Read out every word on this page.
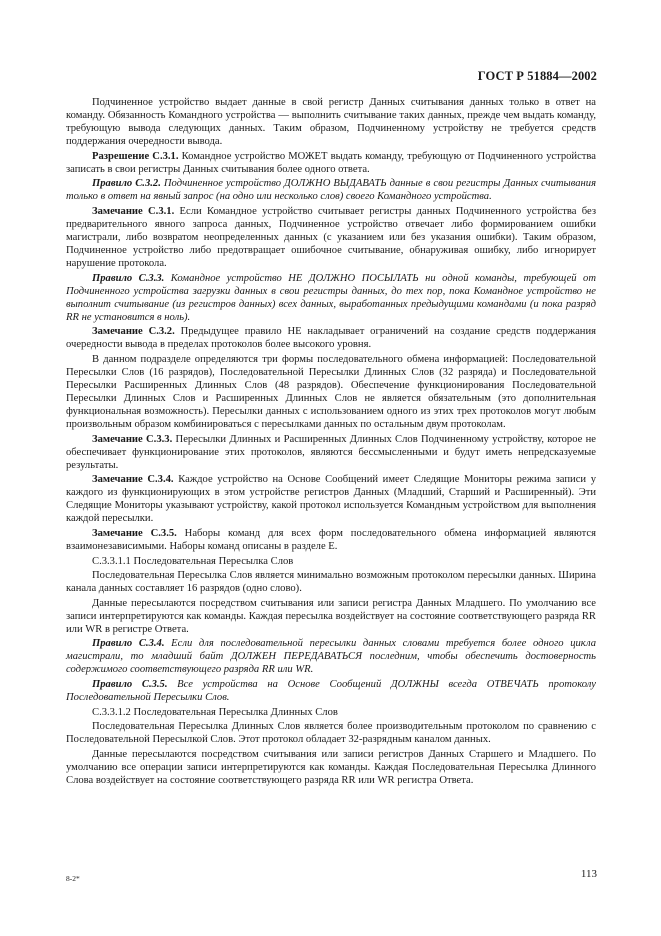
ГОСТ Р 51884—2002

Подчиненное устройство выдает данные в свой регистр Данных считывания данных только в ответ на команду. Обязанность Командного устройства — выполнить считывание таких данных, прежде чем выдать команду, требующую вывода следующих данных. Таким образом, Подчиненному устройству не требуется средств поддержания очередности вывода.

Разрешение С.3.1. Командное устройство МОЖЕТ выдать команду, требующую от Подчиненного устройства записать в свои регистры Данных считывания более одного ответа.

Правило С.3.2. Подчиненное устройство ДОЛЖНО ВЫДАВАТЬ данные в свои регистры Данных считывания только в ответ на явный запрос (на одно или несколько слов) своего Командного устройства.

Замечание С.3.1. Если Командное устройство считывает регистры данных Подчиненного устройства без предварительного явного запроса данных, Подчиненное устройство отвечает либо формированием ошибки магистрали, либо возвратом неопределенных данных (с указанием или без указания ошибки). Таким образом, Подчиненное устройство либо предотвращает ошибочное считывание, обнаруживая ошибку, либо игнорирует нарушение протокола.

Правило С.3.3. Командное устройство НЕ ДОЛЖНО ПОСЫЛАТЬ ни одной команды, требующей от Подчиненного устройства загрузки данных в свои регистры данных, до тех пор, пока Командное устройство не выполнит считывание (из регистров данных) всех данных, выработанных предыдущими командами (и пока разряд RR не установится в ноль).

Замечание С.3.2. Предыдущее правило НЕ накладывает ограничений на создание средств поддержания очередности вывода в пределах протоколов более высокого уровня.

В данном подразделе определяются три формы последовательного обмена информацией: Последовательной Пересылки Слов (16 разрядов), Последовательной Пересылки Длинных Слов (32 разряда) и Последовательной Пересылки Расширенных Длинных Слов (48 разрядов). Обеспечение функционирования Последовательной Пересылки Длинных Слов и Расширенных Длинных Слов не является обязательным (это дополнительная функциональная возможность). Пересылки данных с использованием одного из этих трех протоколов могут любым произвольным образом комбинироваться с пересылками данных по остальным двум протоколам.

Замечание С.3.3. Пересылки Длинных и Расширенных Длинных Слов Подчиненному устройству, которое не обеспечивает функционирование этих протоколов, являются бессмысленными и будут иметь непредсказуемые результаты.

Замечание С.3.4. Каждое устройство на Основе Сообщений имеет Следящие Мониторы режима записи у каждого из функционирующих в этом устройстве регистров Данных (Младший, Старший и Расширенный). Эти Следящие Мониторы указывают устройству, какой протокол используется Командным устройством для выполнения каждой пересылки.

Замечание С.3.5. Наборы команд для всех форм последовательного обмена информацией являются взаимонезависимыми. Наборы команд описаны в разделе Е.

С.3.3.1.1 Последовательная Пересылка Слов

Последовательная Пересылка Слов является минимально возможным протоколом пересылки данных. Ширина канала данных составляет 16 разрядов (одно слово).

Данные пересылаются посредством считывания или записи регистра Данных Младшего. По умолчанию все записи интерпретируются как команды. Каждая пересылка воздействует на состояние соответствующего разряда RR или WR в регистре Ответа.

Правило С.3.4. Если для последовательной пересылки данных словами требуется более одного цикла магистрали, то младший байт ДОЛЖЕН ПЕРЕДАВАТЬСЯ последним, чтобы обеспечить достоверность содержимого соответствующего разряда RR или WR.

Правило С.3.5. Все устройства на Основе Сообщений ДОЛЖНЫ всегда ОТВЕЧАТЬ протоколу Последовательной Пересылки Слов.

С.3.3.1.2 Последовательная Пересылка Длинных Слов

Последовательная Пересылка Длинных Слов является более производительным протоколом по сравнению с Последовательной Пересылкой Слов. Этот протокол обладает 32-разрядным каналом данных.

Данные пересылаются посредством считывания или записи регистров Данных Старшего и Младшего. По умолчанию все операции записи интерпретируются как команды. Каждая Последовательная Пересылка Длинного Слова воздействует на состояние соответствующего разряда RR или WR регистра Ответа.

8-2*	113
